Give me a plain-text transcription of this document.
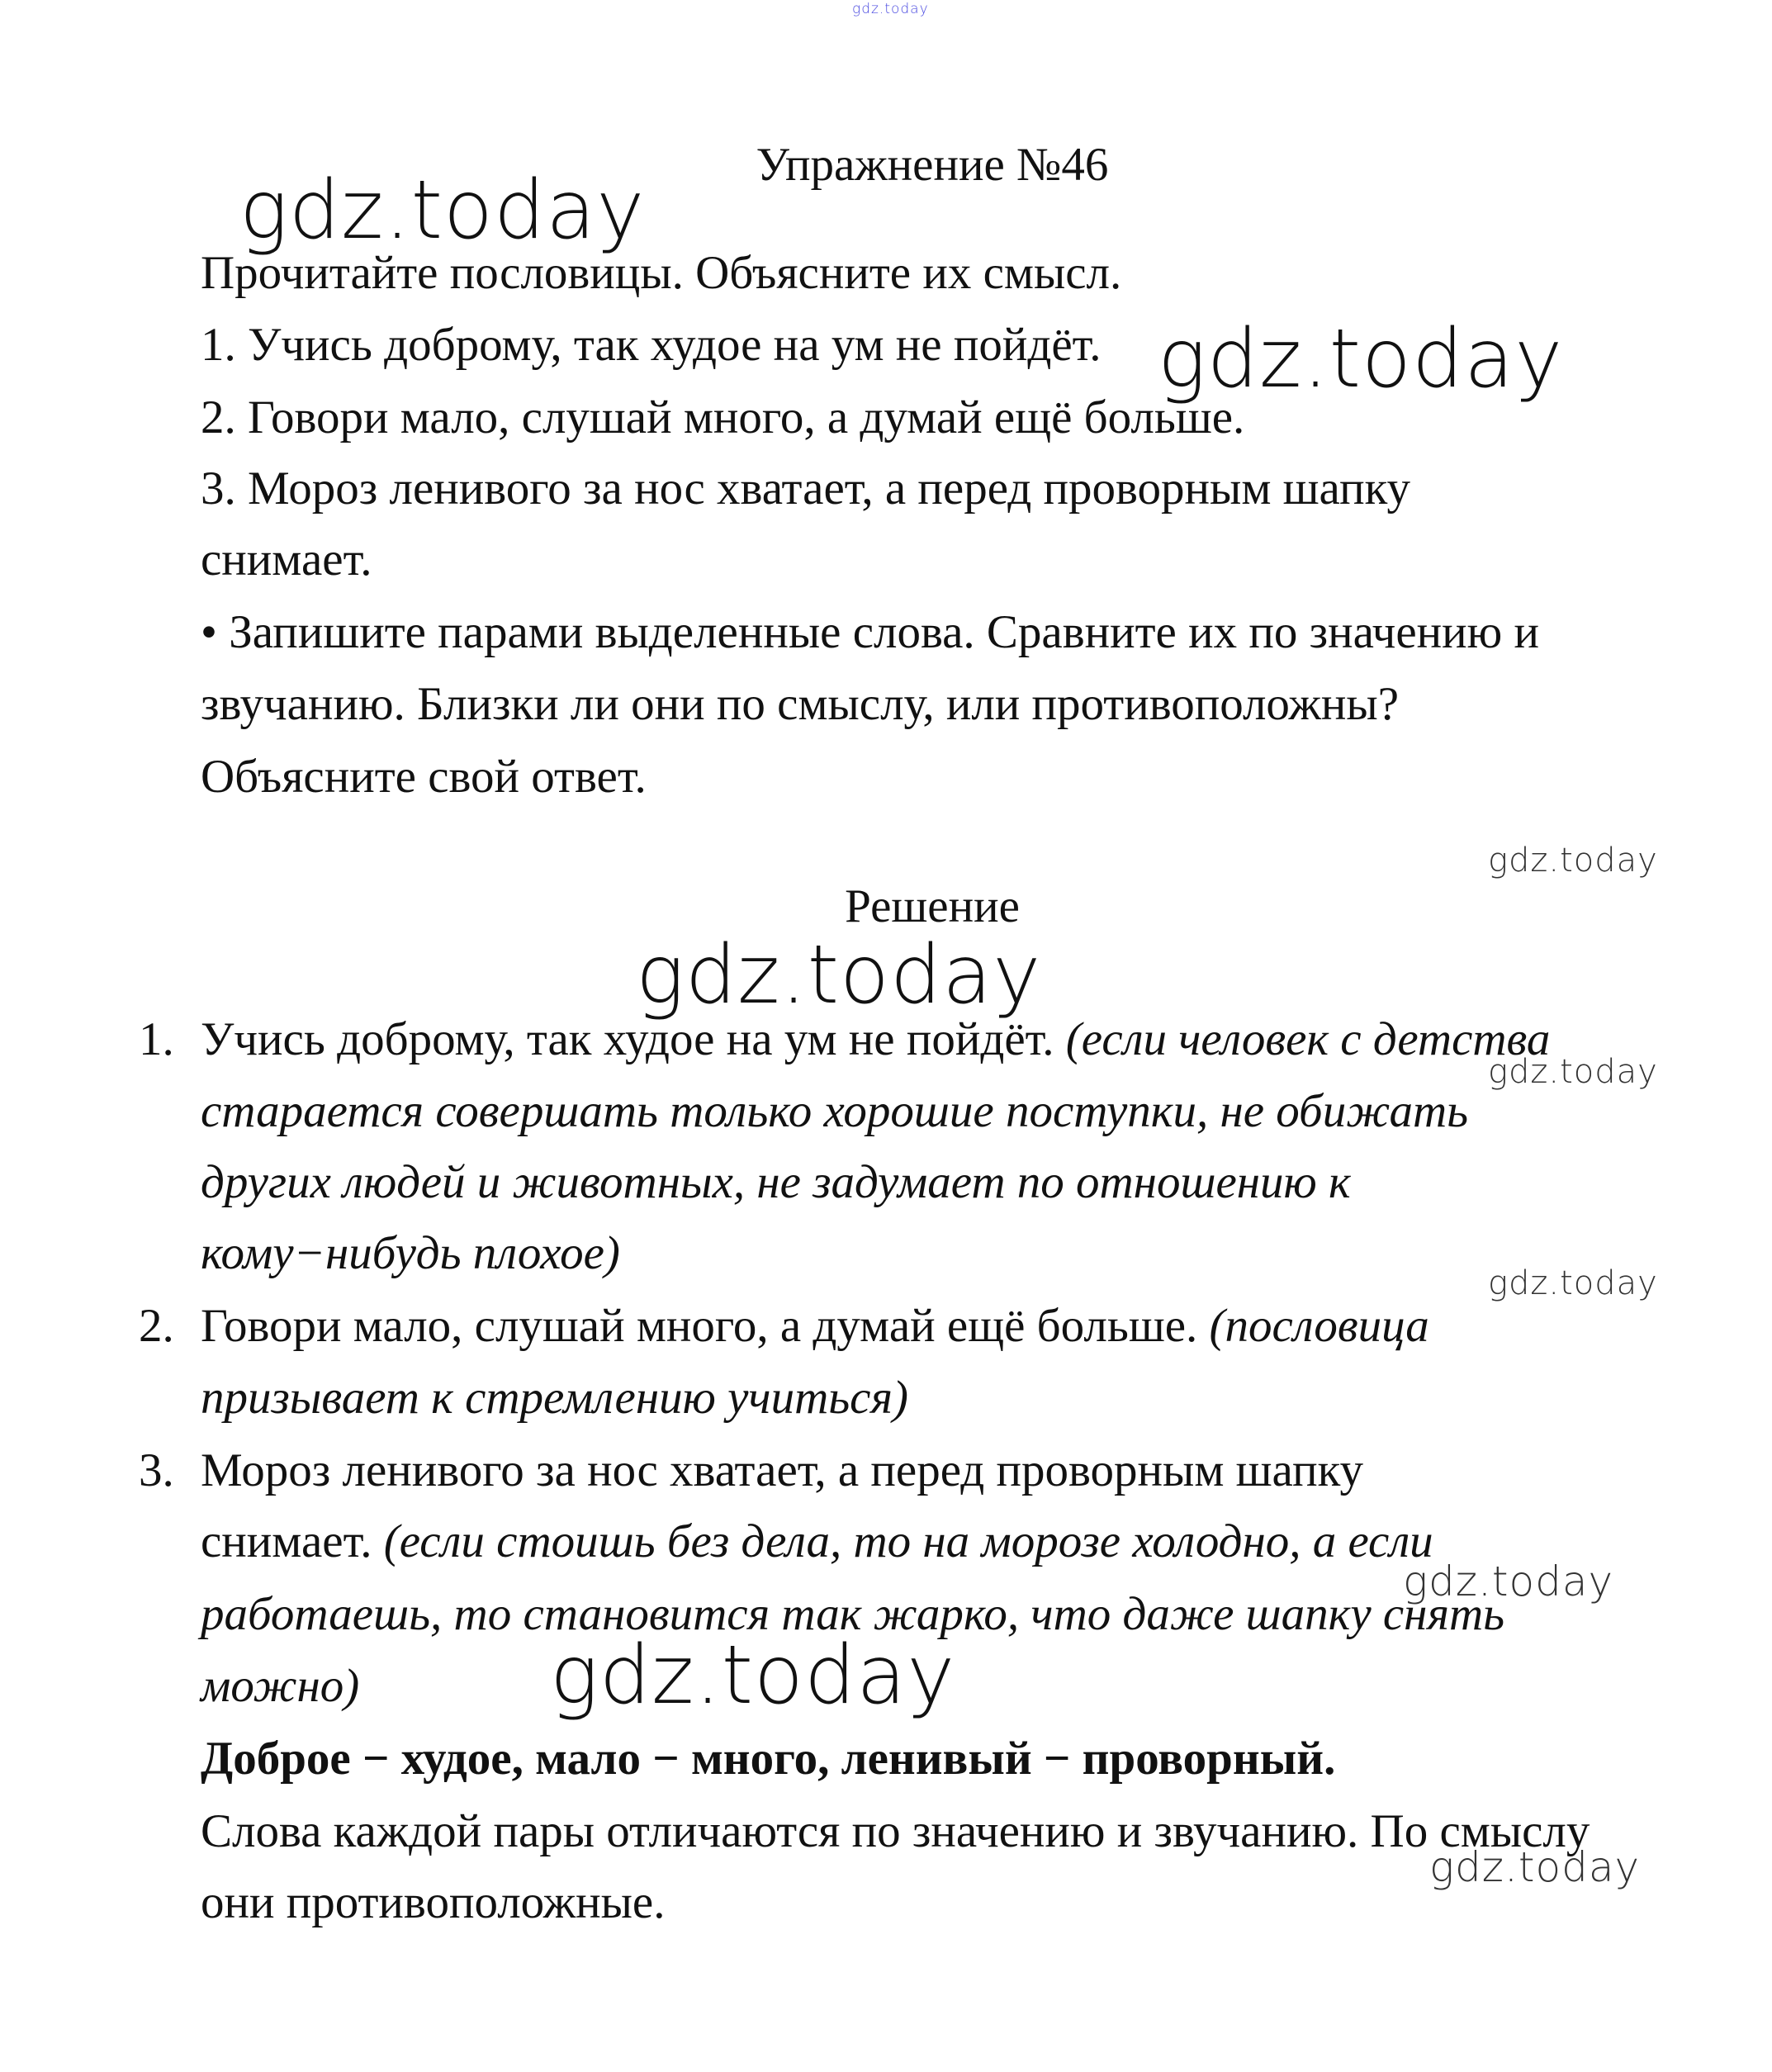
gdz.today
Упражнение №46
Прочитайте пословицы. Объясните их смысл.
1. Учись доброму, так худое на ум не пойдёт.
2. Говори мало, слушай много, а думай ещё больше.
3. Мороз ленивого за нос хватает, а перед проворным шапку
снимает.
• Запишите парами выделенные слова. Сравните их по значению и
звучанию. Близки ли они по смыслу, или противоположны?
Объясните свой ответ.
Решение
1. Учись доброму, так худое на ум не пойдёт. (если человек с детства
старается совершать только хорошие поступки, не обижать
других людей и животных, не задумает по отношению к
кому−нибудь плохое)
2. Говори мало, слушай много, а думай ещё больше. (пословица
призывает к стремлению учиться)
3. Мороз ленивого за нос хватает, а перед проворным шапку
снимает. (если стоишь без дела, то на морозе холодно, а если
работаешь, то становится так жарко, что даже шапку снять
можно)
Доброе − худое, мало − много, ленивый − проворный.
Слова каждой пары отличаются по значению и звучанию. По смыслу
они противоположные.
gdz.today
gdz.today
gdz.today
gdz.today
gdz.today
gdz.today
gdz.today
gdz.today
gdz.today
